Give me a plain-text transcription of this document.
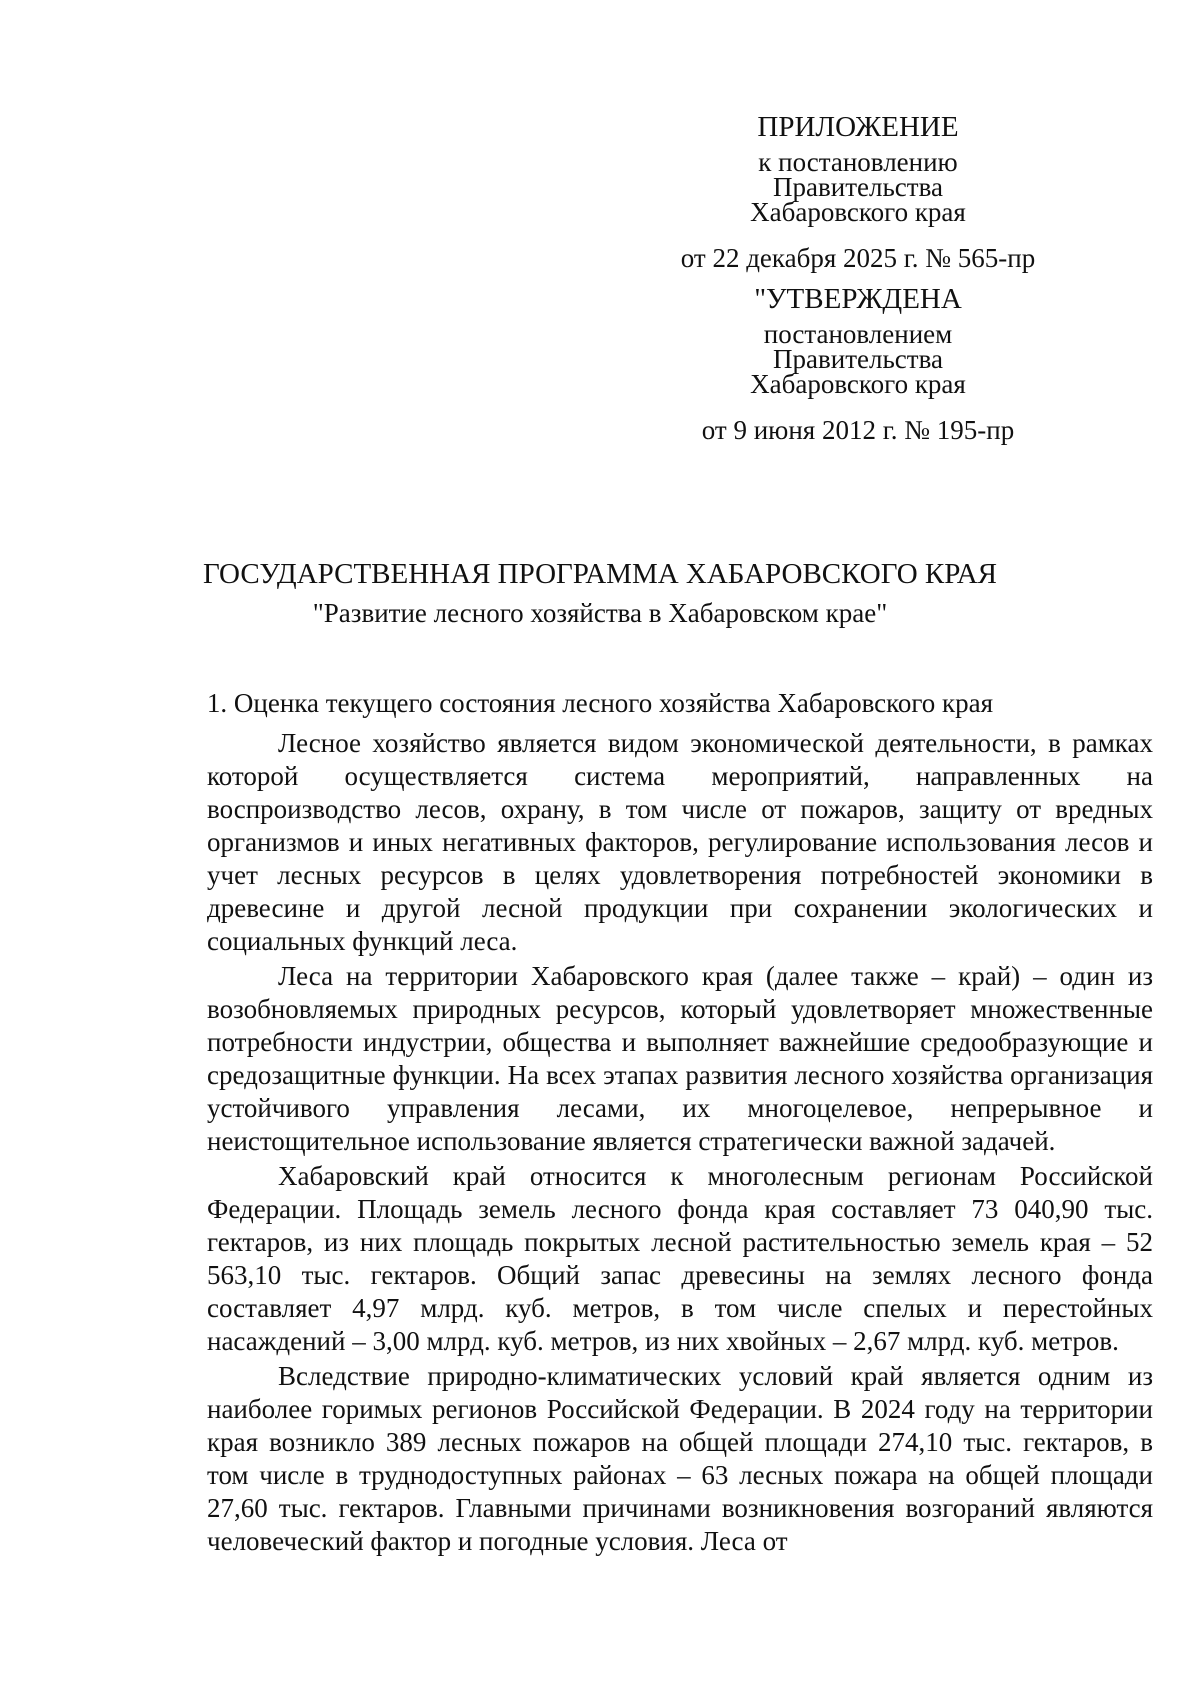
ПРИЛОЖЕНИЕ
к постановлению
Правительства
Хабаровского края
от 22 декабря 2025 г. № 565-пр
"УТВЕРЖДЕНА
постановлением
Правительства
Хабаровского края
от 9 июня 2012 г. № 195-пр
ГОСУДАРСТВЕННАЯ ПРОГРАММА ХАБАРОВСКОГО КРАЯ
"Развитие лесного хозяйства в Хабаровском крае"
1. Оценка текущего состояния лесного хозяйства Хабаровского края

Лесное хозяйство является видом экономической деятельности, в рамках которой осуществляется система мероприятий, направленных на воспроизводство лесов, охрану, в том числе от пожаров, защиту от вредных организмов и иных негативных факторов, регулирование использования лесов и учет лесных ресурсов в целях удовлетворения потребностей экономики в древесине и другой лесной продукции при сохранении экологических и социальных функций леса.

Леса на территории Хабаровского края (далее также – край) – один из возобновляемых природных ресурсов, который удовлетворяет множественные потребности индустрии, общества и выполняет важнейшие средообразующие и средозащитные функции. На всех этапах развития лесного хозяйства организация устойчивого управления лесами, их многоцелевое, непрерывное и неистощительное использование является стратегически важной задачей.

Хабаровский край относится к многолесным регионам Российской Федерации. Площадь земель лесного фонда края составляет 73 040,90 тыс. гектаров, из них площадь покрытых лесной растительностью земель края – 52 563,10 тыс. гектаров. Общий запас древесины на землях лесного фонда составляет 4,97 млрд. куб. метров, в том числе спелых и перестойных насаждений – 3,00 млрд. куб. метров, из них хвойных – 2,67 млрд. куб. метров.

Вследствие природно-климатических условий край является одним из наиболее горимых регионов Российской Федерации. В 2024 году на территории края возникло 389 лесных пожаров на общей площади 274,10 тыс. гектаров, в том числе в труднодоступных районах – 63 лесных пожара на общей площади 27,60 тыс. гектаров. Главными причинами возникновения возгораний являются человеческий фактор и погодные условия. Леса от
